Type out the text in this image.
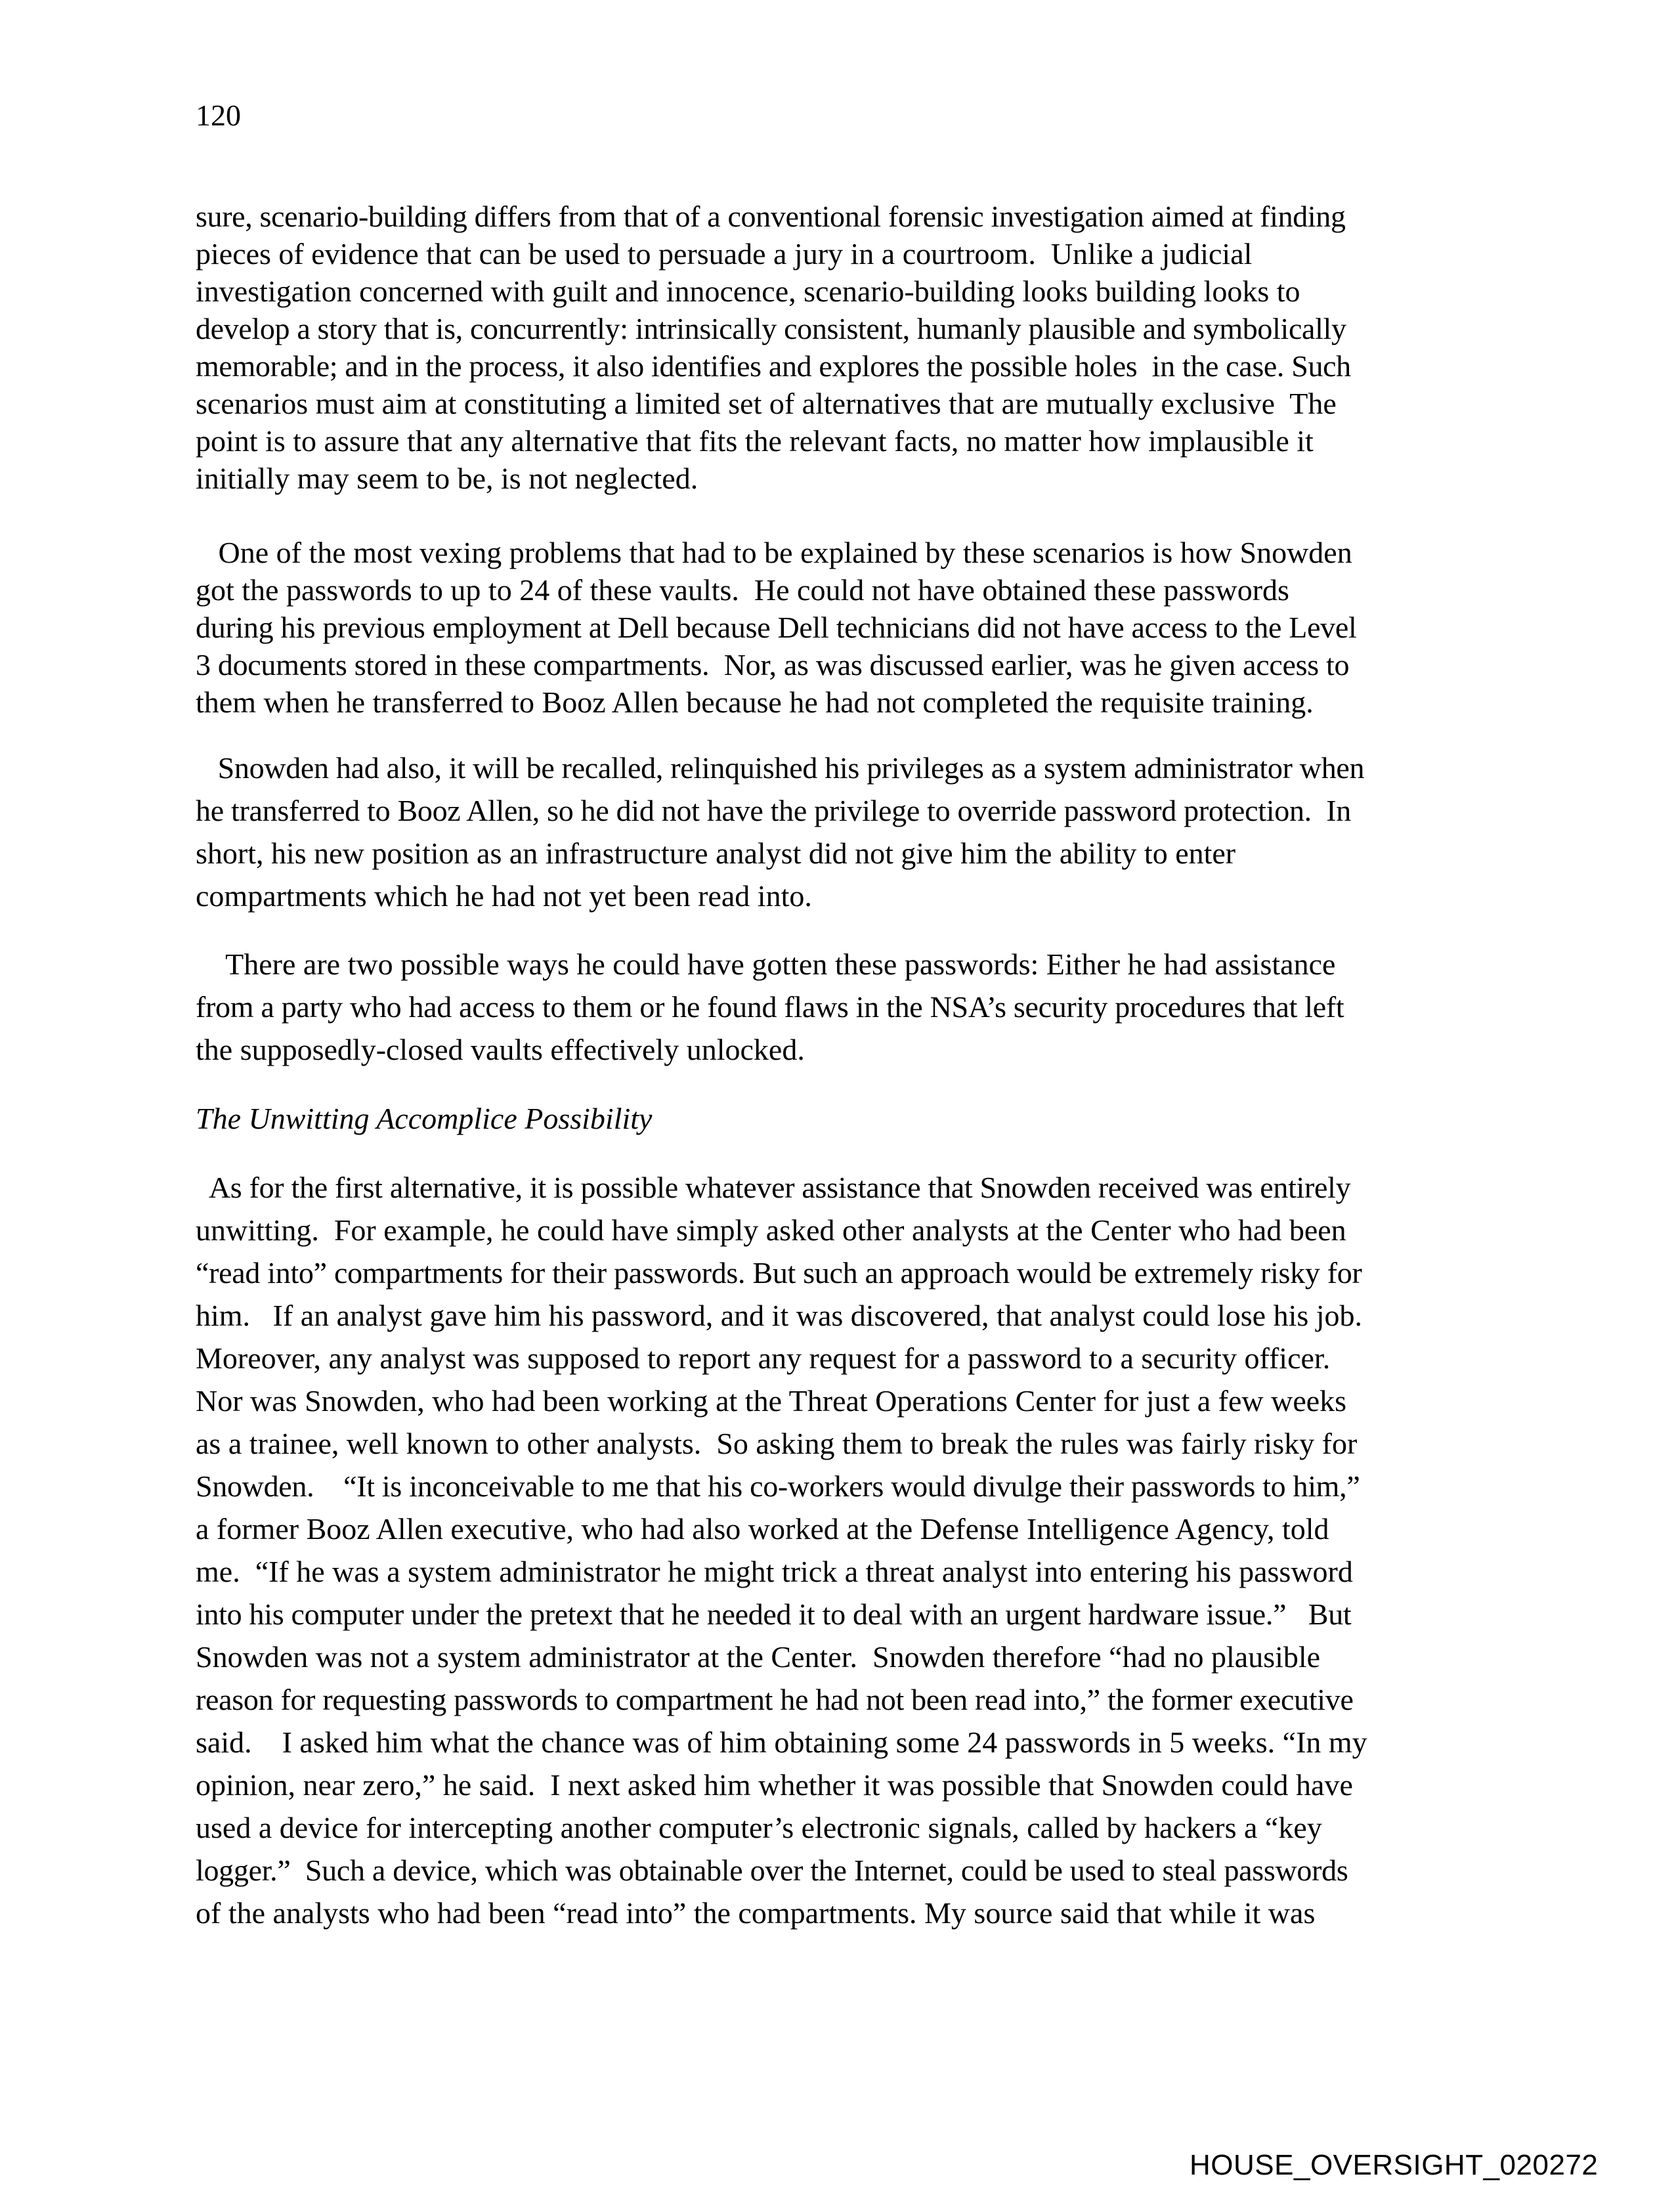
120
sure, scenario-building differs from that of a conventional forensic investigation aimed at finding
pieces of evidence that can be used to persuade a jury in a courtroom.  Unlike a judicial
investigation concerned with guilt and innocence, scenario-building looks building looks to
develop a story that is, concurrently: intrinsically consistent, humanly plausible and symbolically
memorable; and in the process, it also identifies and explores the possible holes  in the case. Such
scenarios must aim at constituting a limited set of alternatives that are mutually exclusive  The
point is to assure that any alternative that fits the relevant facts, no matter how implausible it
initially may seem to be, is not neglected.
One of the most vexing problems that had to be explained by these scenarios is how Snowden
got the passwords to up to 24 of these vaults.  He could not have obtained these passwords
during his previous employment at Dell because Dell technicians did not have access to the Level
3 documents stored in these compartments.  Nor, as was discussed earlier, was he given access to
them when he transferred to Booz Allen because he had not completed the requisite training.
Snowden had also, it will be recalled, relinquished his privileges as a system administrator when
he transferred to Booz Allen, so he did not have the privilege to override password protection.  In
short, his new position as an infrastructure analyst did not give him the ability to enter
compartments which he had not yet been read into.
There are two possible ways he could have gotten these passwords: Either he had assistance
from a party who had access to them or he found flaws in the NSA’s security procedures that left
the supposedly-closed vaults effectively unlocked.
The Unwitting Accomplice Possibility
As for the first alternative, it is possible whatever assistance that Snowden received was entirely
unwitting.  For example, he could have simply asked other analysts at the Center who had been
“read into” compartments for their passwords. But such an approach would be extremely risky for
him.   If an analyst gave him his password, and it was discovered, that analyst could lose his job.
Moreover, any analyst was supposed to report any request for a password to a security officer.
Nor was Snowden, who had been working at the Threat Operations Center for just a few weeks
as a trainee, well known to other analysts.  So asking them to break the rules was fairly risky for
Snowden.    “It is inconceivable to me that his co-workers would divulge their passwords to him,”
a former Booz Allen executive, who had also worked at the Defense Intelligence Agency, told
me.  “If he was a system administrator he might trick a threat analyst into entering his password
into his computer under the pretext that he needed it to deal with an urgent hardware issue.”   But
Snowden was not a system administrator at the Center.  Snowden therefore “had no plausible
reason for requesting passwords to compartment he had not been read into,” the former executive
said.    I asked him what the chance was of him obtaining some 24 passwords in 5 weeks. “In my
opinion, near zero,” he said.  I next asked him whether it was possible that Snowden could have
used a device for intercepting another computer’s electronic signals, called by hackers a “key
logger.”  Such a device, which was obtainable over the Internet, could be used to steal passwords
of the analysts who had been “read into” the compartments. My source said that while it was
HOUSE_OVERSIGHT_020272
